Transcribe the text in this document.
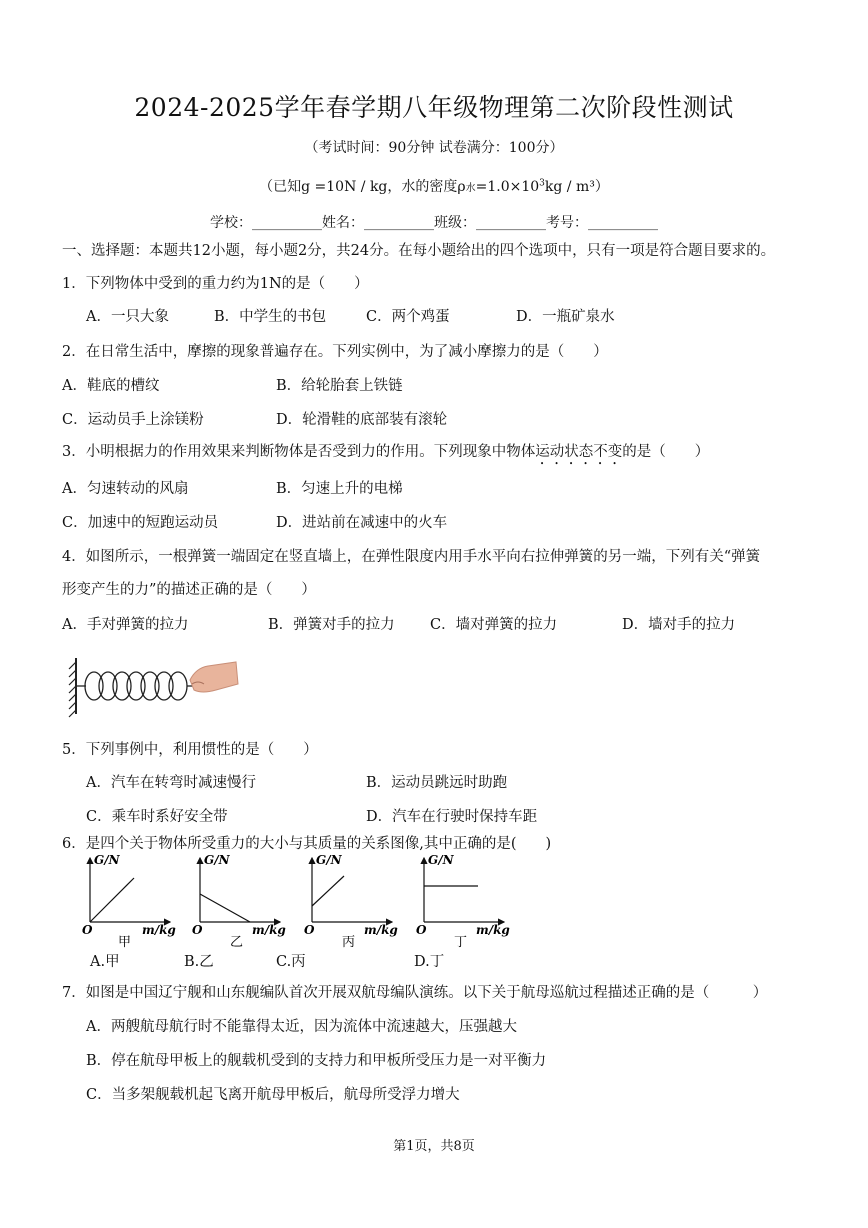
2024-2025学年春学期八年级物理第二次阶段性测试
（考试时间：90分钟 试卷满分：100分）
（已知g =10N / kg，水的密度ρ水$=1.0\times 10^3kg / m^3$）
学校：__________姓名：__________班级：__________考号：__________
一、选择题：本题共12小题，每小题2分，共24分。在每小题给出的四个选项中，只有一项是符合题目要求的。
1．下列物体中受到的重力约为1N的是（　　）
A．一只大象	B．中学生的书包	C．两个鸡蛋	D．一瓶矿泉水
2．在日常生活中，摩擦的现象普遍存在。下列实例中，为了减小摩擦力的是（　　）
A．鞋底的槽纹	B．给轮胎套上铁链
C．运动员手上涂镁粉	D．轮滑鞋的底部装有滚轮
3．小明根据力的作用效果来判断物体是否受到力的作用。下列现象中物体运动状态不变的是（　　）
A．匀速转动的风扇	B．匀速上升的电梯
C．加速中的短跑运动员	D．进站前在减速中的火车
4．如图所示，一根弹簧一端固定在竖直墙上，在弹性限度内用手水平向右拉伸弹簧的另一端，下列有关“弹簧
形变产生的力”的描述正确的是（　　）
A．手对弹簧的拉力	B．弹簧对手的拉力 C．墙对弹簧的拉力	D．墙对手的拉力
5．下列事例中，利用惯性的是（　　）
A．汽车在转弯时减速慢行	B．运动员跳远时助跑
C．乘车时系好安全带	D．汽车在行驶时保持车距
6．是四个关于物体所受重力的大小与其质量的关系图像,其中正确的是(　　)
G/N
O	m/kg
甲
G/N
O	m/kg
乙
G/N
O	m/kg
丙
G/N
O	m/kg
丁
A.甲	B.乙	C.丙	D.丁
7．如图是中国辽宁舰和山东舰编队首次开展双航母编队演练。以下关于航母巡航过程描述正确的是（　　　）
A．两艘航母航行时不能靠得太近，因为流体中流速越大，压强越大
B．停在航母甲板上的舰载机受到的支持力和甲板所受压力是一对平衡力
C．当多架舰载机起飞离开航母甲板后，航母所受浮力增大
第1页，共8页
